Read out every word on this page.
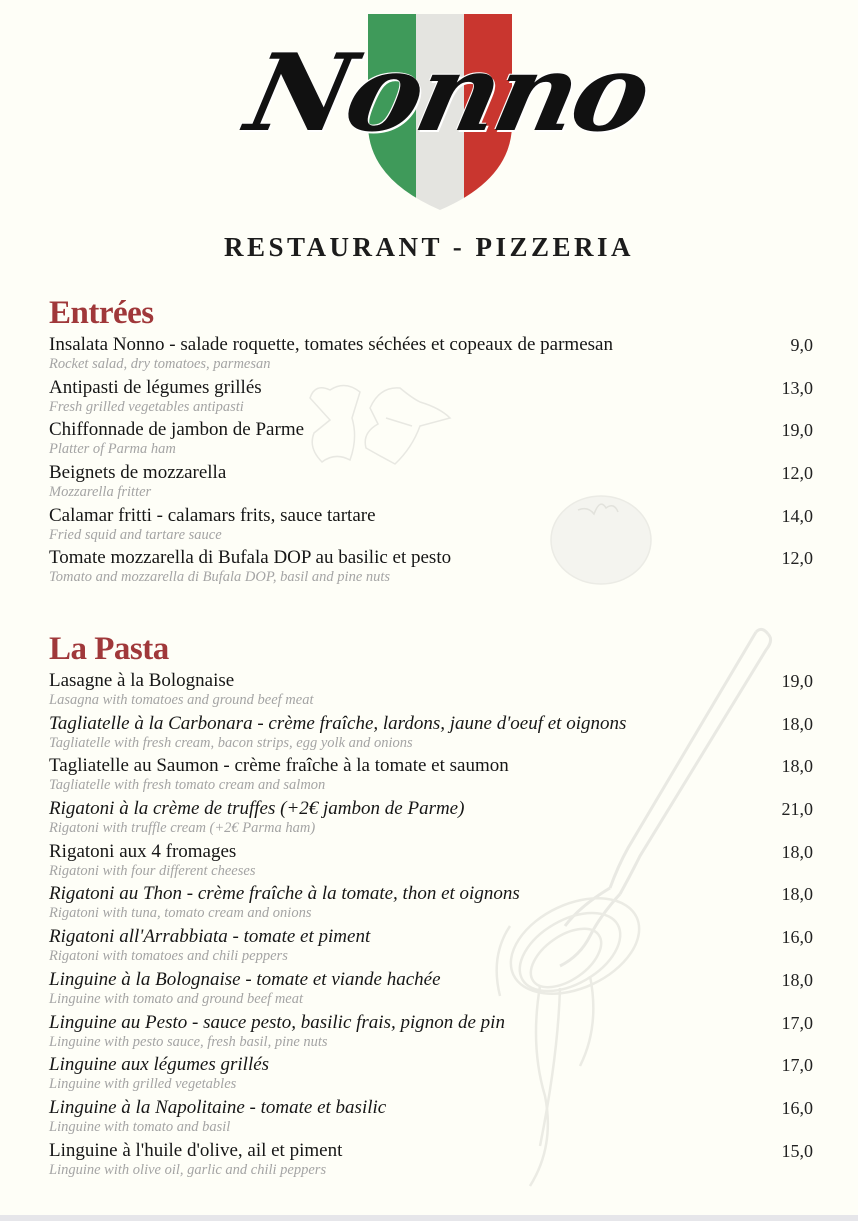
Nonno
RESTAURANT - PIZZERIA
Entrées
Insalata Nonno - salade roquette, tomates séchées et copeaux de parmesan
Rocket salad, dry tomatoes, parmesan
9,0
Antipasti de légumes grillés
Fresh grilled vegetables antipasti
13,0
Chiffonnade de jambon de Parme
Platter of Parma ham
19,0
Beignets de mozzarella
Mozzarella fritter
12,0
Calamar fritti - calamars frits, sauce tartare
Fried squid and tartare sauce
14,0
Tomate mozzarella di Bufala DOP au basilic et pesto
Tomato and mozzarella di Bufala DOP, basil and pine nuts
12,0
La Pasta
Lasagne à la Bolognaise
Lasagna with tomatoes and ground beef meat
19,0
Tagliatelle à la Carbonara - crème fraîche, lardons, jaune d'oeuf et oignons
Tagliatelle with fresh cream, bacon strips, egg yolk and onions
18,0
Tagliatelle au Saumon - crème fraîche à la tomate et saumon
Tagliatelle with fresh tomato cream and salmon
18,0
Rigatoni à la crème de truffes (+2€ jambon de Parme)
Rigatoni with truffle cream (+2€ Parma ham)
21,0
Rigatoni aux 4 fromages
Rigatoni with four different cheeses
18,0
Rigatoni au Thon - crème fraîche à la tomate, thon et oignons
Rigatoni with tuna, tomato cream and onions
18,0
Rigatoni all'Arrabbiata - tomate et piment
Rigatoni with tomatoes and chili peppers
16,0
Linguine à la Bolognaise - tomate et viande hachée
Linguine with tomato and ground beef meat
18,0
Linguine au Pesto - sauce pesto, basilic frais, pignon de pin
Linguine with pesto sauce, fresh basil, pine nuts
17,0
Linguine aux légumes grillés
Linguine with grilled vegetables
17,0
Linguine à la Napolitaine - tomate et basilic
Linguine with tomato and basil
16,0
Linguine à l'huile d'olive, ail et piment
Linguine with olive oil, garlic and chili peppers
15,0
